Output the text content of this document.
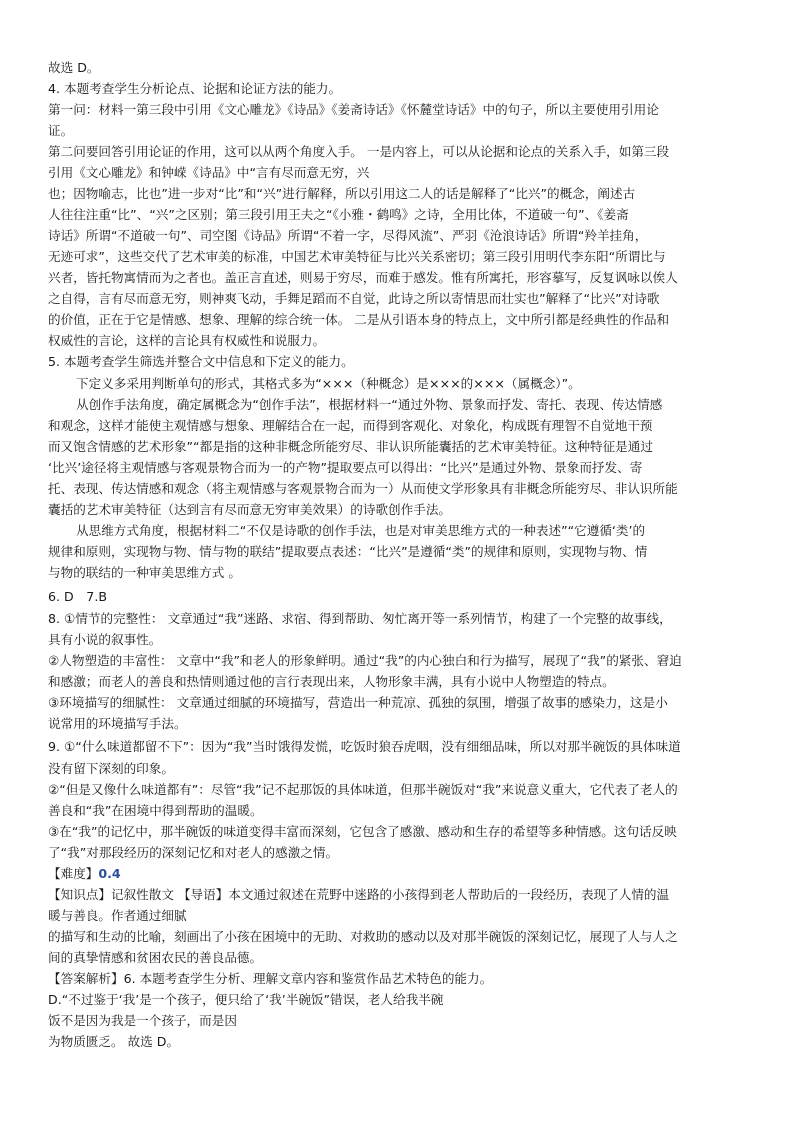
故选 D。
4. 本题考查学生分析论点、论据和论证方法的能力。
第一问：材料一第三段中引用《文心雕龙》《诗品》《姜斋诗话》《怀麓堂诗话》中的句子，所以主要使用引用论
证。
第二问要回答引用论证的作用，这可以从两个角度入手。 一是内容上，可以从论据和论点的关系入手，如第三段
引用《文心雕龙》和钟嵘《诗品》中“言有尽而意无穷，兴
也；因物喻志，比也”进一步对“比”和“兴”进行解释，所以引用这二人的话是解释了“比兴”的概念，阐述古
人往往注重“比”、“兴”之区别；第三段引用王夫之“《小雅・鹤鸣》之诗，全用比体，不道破一句”、《姜斋
诗话》所谓“不道破一句”、司空图《诗品》所谓“不着一字，尽得风流”、严羽《沧浪诗话》所谓“羚羊挂角，
无迹可求”，这些交代了艺术审美的标准，中国艺术审美特征与比兴关系密切；第三段引用明代李东阳“所谓比与
兴者，皆托物寓情而为之者也。盖正言直述，则易于穷尽，而难于感发。惟有所寓托，形容摹写，反复讽咏以俟人
之自得，言有尽而意无穷，则神爽飞动，手舞足蹈而不自觉，此诗之所以寄情思而壮实也”解释了“比兴”对诗歌
的价值，正在于它是情感、想象、理解的综合统一体。 二是从引语本身的特点上，文中所引都是经典性的作品和
权威性的言论，这样的言论具有权威性和说服力。
5. 本题考查学生筛选并整合文中信息和下定义的能力。
下定义多采用判断单句的形式，其格式多为“×××（种概念）是×××的×××（属概念）”。
从创作手法角度，确定属概念为“创作手法”，根据材料一“通过外物、景象而抒发、寄托、表现、传达情感
和观念，这样才能使主观情感与想象、理解结合在一起，而得到客观化、对象化，构成既有理智不自觉地干预
而又饱含情感的艺术形象”“都是指的这种非概念所能穷尽、非认识所能囊括的艺术审美特征。这种特征是通过
‘比兴’途径将主观情感与客观景物合而为一的产物”提取要点可以得出：“比兴”是通过外物、景象而抒发、寄
托、表现、传达情感和观念（将主观情感与客观景物合而为一）从而使文学形象具有非概念所能穷尽、非认识所能
囊括的艺术审美特征（达到言有尽而意无穷审美效果）的诗歌创作手法。
从思维方式角度，根据材料二“不仅是诗歌的创作手法，也是对审美思维方式的一种表述”“它遵循‘类’的
规律和原则，实现物与物、情与物的联结”提取要点表述：“比兴”是遵循“类”的规律和原则，实现物与物、情
与物的联结的一种审美思维方式 。
6. D　7.B
8. ①情节的完整性： 文章通过“我”迷路、求宿、得到帮助、匆忙离开等一系列情节，构建了一个完整的故事线，
具有小说的叙事性。
②人物塑造的丰富性： 文章中“我”和老人的形象鲜明。通过“我”的内心独白和行为描写，展现了“我”的紧张、窘迫
和感激；而老人的善良和热情则通过他的言行表现出来，人物形象丰满，具有小说中人物塑造的特点。
③环境描写的细腻性： 文章通过细腻的环境描写，营造出一种荒凉、孤独的氛围，增强了故事的感染力，这是小
说常用的环境描写手法。
9. ①“什么味道都留不下”：因为“我”当时饿得发慌，吃饭时狼吞虎咽，没有细细品味，所以对那半碗饭的具体味道
没有留下深刻的印象。
②“但是又像什么味道都有”：尽管“我”记不起那饭的具体味道，但那半碗饭对“我”来说意义重大，它代表了老人的
善良和“我”在困境中得到帮助的温暖。
③在“我”的记忆中，那半碗饭的味道变得丰富而深刻，它包含了感激、感动和生存的希望等多种情感。这句话反映
了“我”对那段经历的深刻记忆和对老人的感激之情。
【难度】0.4
【知识点】记叙性散文 【导语】本文通过叙述在荒野中迷路的小孩得到老人帮助后的一段经历，表现了人情的温
暖与善良。作者通过细腻
的描写和生动的比喻，刻画出了小孩在困境中的无助、对救助的感动以及对那半碗饭的深刻记忆，展现了人与人之
间的真挚情感和贫困农民的善良品德。
【答案解析】6. 本题考查学生分析、理解文章内容和鉴赏作品艺术特色的能力。
D.“不过鉴于‘我’是一个孩子，便只给了‘我’半碗饭”错误，老人给我半碗
饭不是因为我是一个孩子，而是因
为物质匮乏。 故选 D。
